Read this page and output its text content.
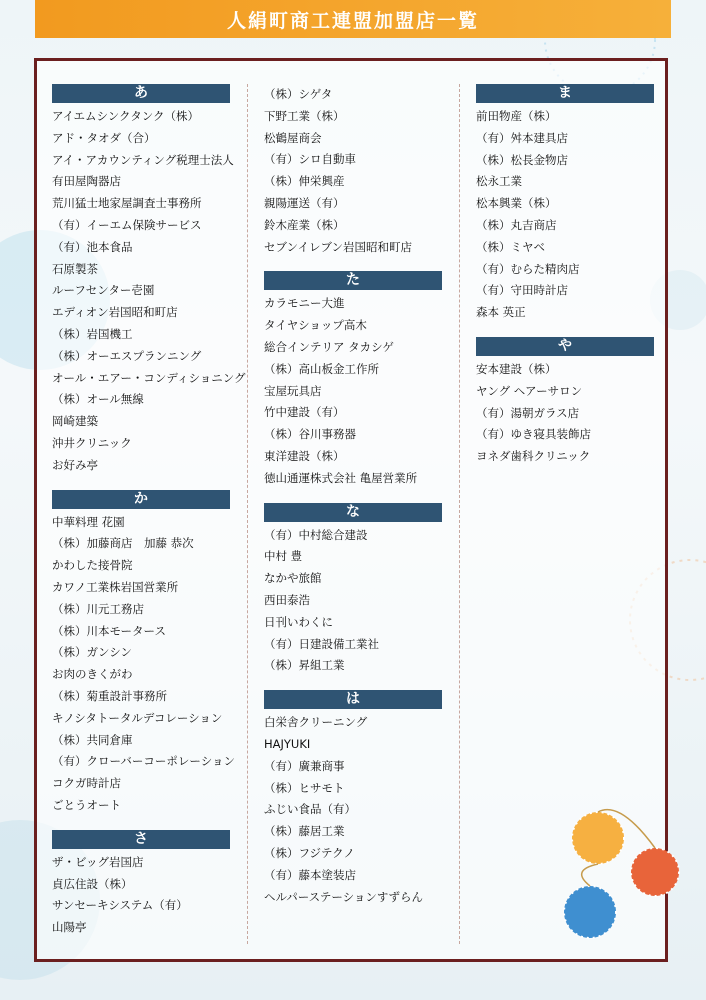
人絹町商工連盟加盟店一覧
あ
アイエムシンクタンク（株）
アド・タオダ（合）
アイ・アカウンティング税理士法人
有田屋陶器店
荒川猛士地家屋調査士事務所
（有）イーエム保険サービス
（有）池本食品
石原製茶
ルーフセンター壱園
エディオン岩国昭和町店
（株）岩国機工
（株）オーエスプランニング
オール・エアー・コンディショニング
（株）オール無線
岡崎建築
沖井クリニック
お好み亭
か
中華料理 花園
（株）加藤商店　加藤 恭次
かわした接骨院
カワノ工業株岩国営業所
（株）川元工務店
（株）川本モータース
（株）ガンシン
お肉のきくがわ
（株）菊重設計事務所
キノシタトータルデコレーション
（株）共同倉庫
（有）クローバーコーポレーション
コクガ時計店
ごとうオート
さ
ザ・ビッグ岩国店
貞広住設（株）
サンセーキシステム（有）
山陽亭
（株）シゲタ
下野工業（株）
松鶴屋商会
（有）シロ自動車
（株）伸栄興産
親陽運送（有）
鈴木産業（株）
セブンイレブン岩国昭和町店
た
カラモニー大進
タイヤショップ高木
総合インテリア タカシゲ
（株）高山板金工作所
宝屋玩具店
竹中建設（有）
（株）谷川事務器
東洋建設（株）
徳山通運株式会社 亀屋営業所
な
（有）中村総合建設
中村 豊
なかや旅館
西田泰浩
日刊いわくに
（有）日建設備工業社
（株）昇組工業
は
白栄舎クリーニング
HAJYUKI
（有）廣兼商事
（株）ヒサモト
ふじい食品（有）
（株）藤居工業
（株）フジテクノ
（有）藤本塗装店
ヘルパーステーションすずらん
ま
前田物産（株）
（有）舛本建具店
（株）松長金物店
松永工業
松本興業（株）
（株）丸吉商店
（株）ミヤベ
（有）むらた精肉店
（有）守田時計店
森本 英正
や
安本建設（株）
ヤング ヘアーサロン
（有）湯朝ガラス店
（有）ゆき寝具装飾店
ヨネダ歯科クリニック
